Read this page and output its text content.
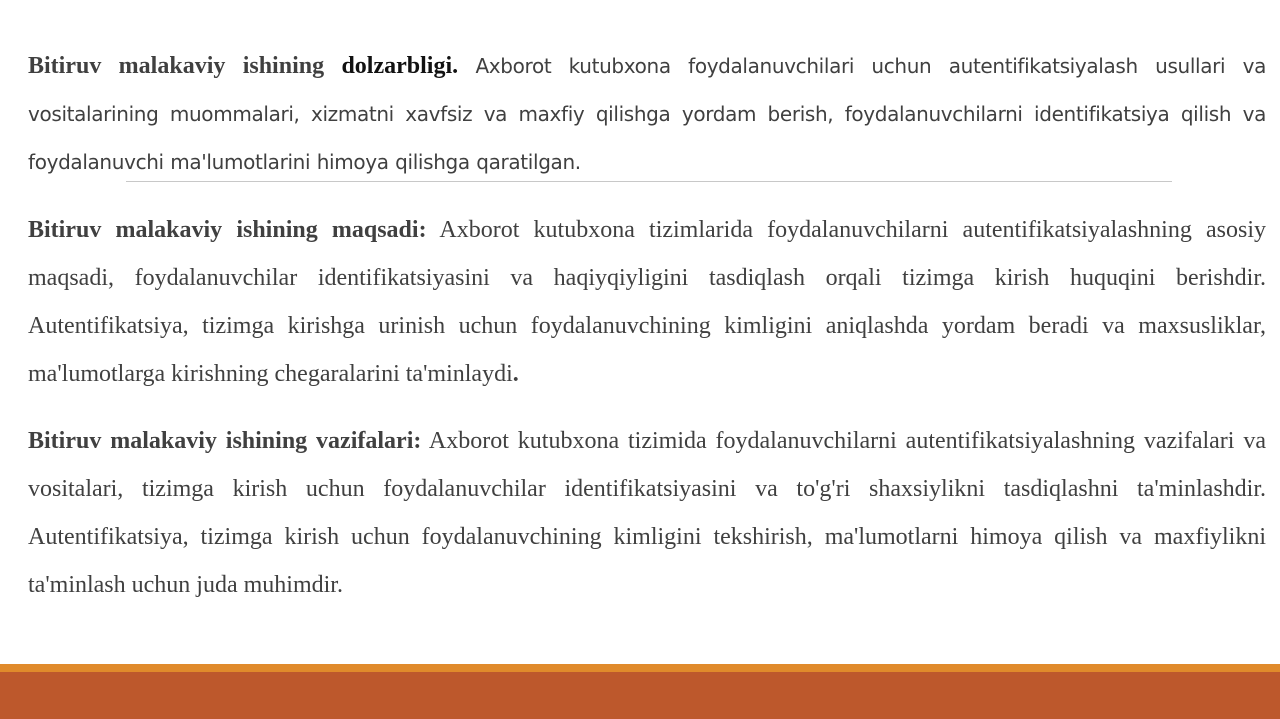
Bitiruv malakaviy ishining dolzarbligi. Axborot kutubxona foydalanuvchilari uchun autentifikatsiyalash usullari va vositalarining muommalari, xizmatni xavfsiz va maxfiy qilishga yordam berish, foydalanuvchilarni identifikatsiya qilish va foydalanuvchi ma'lumotlarini himoya qilishga qaratilgan.

Bitiruv malakaviy ishining maqsadi: Axborot kutubxona tizimlarida foydalanuvchilarni autentifikatsiyalashning asosiy maqsadi, foydalanuvchilar identifikatsiyasini va haqiyqiyligini tasdiqlash orqali tizimga kirish huquqini berishdir. Autentifikatsiya, tizimga kirishga urinish uchun foydalanuvchining kimligini aniqlashda yordam beradi va maxsusliklar, ma'lumotlarga kirishning chegaralarini ta'minlaydi.

Bitiruv malakaviy ishining vazifalari: Axborot kutubxona tizimida foydalanuvchilarni autentifikatsiyalashning vazifalari va vositalari, tizimga kirish uchun foydalanuvchilar identifikatsiyasini va to'g'ri shaxsiylikni tasdiqlashni ta'minlashdir. Autentifikatsiya, tizimga kirish uchun foydalanuvchining kimligini tekshirish, ma'lumotlarni himoya qilish va maxfiylikni ta'minlash uchun juda muhimdir.
